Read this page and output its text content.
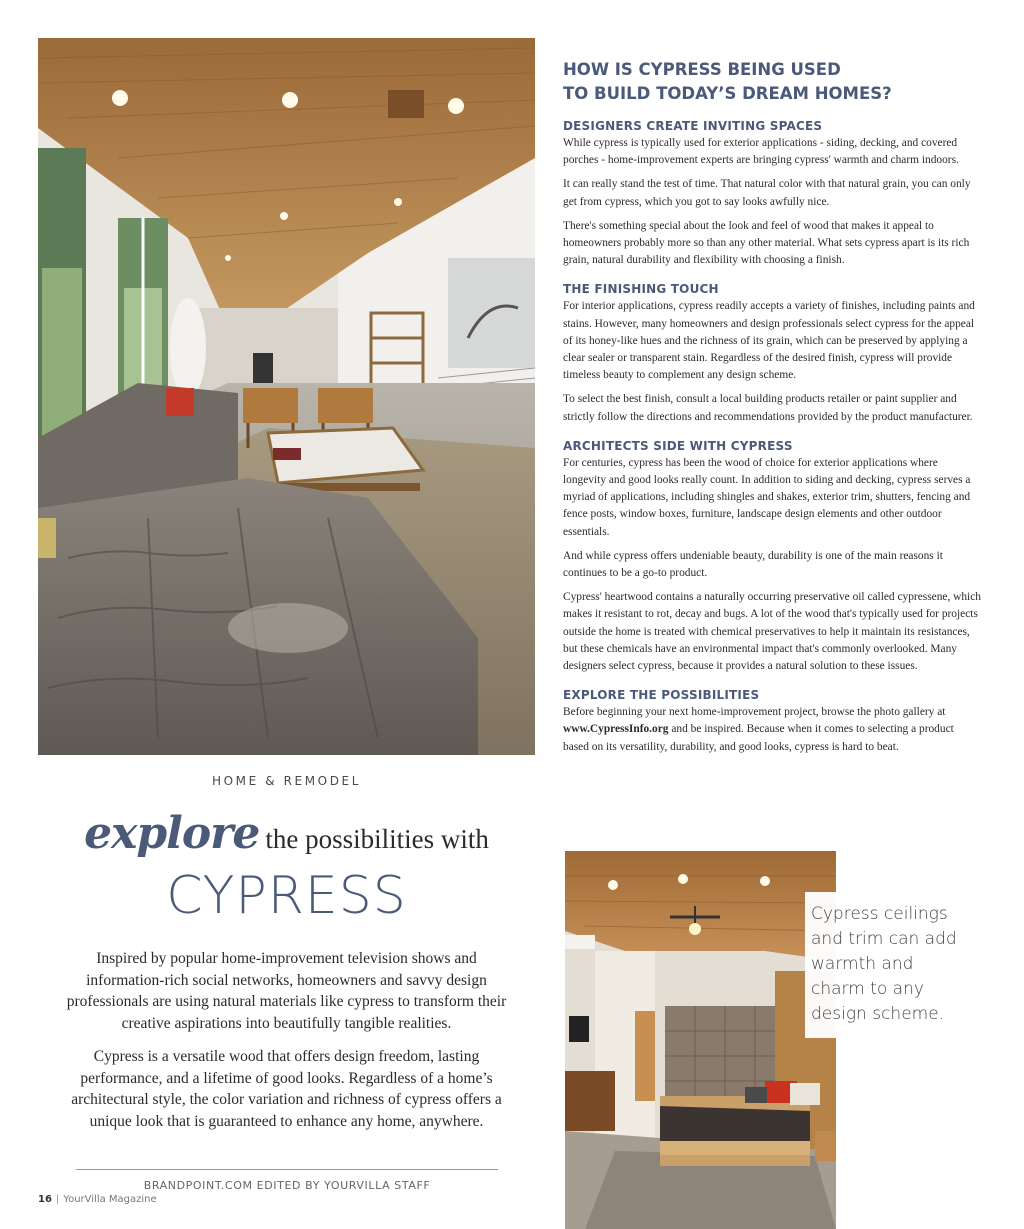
HOME & REMODEL
explore the possibilities with
CYPRESS

Inspired by popular home-improvement television shows and information-rich social networks, homeowners and savvy design professionals are using natural materials like cypress to transform their creative aspirations into beautifully tangible realities.

Cypress is a versatile wood that offers design freedom, lasting performance, and a lifetime of good looks. Regardless of a home’s architectural style, the color variation and richness of cypress offers a unique look that is guaranteed to enhance any home, anywhere.

BRANDPOINT.COM EDITED BY YOURVILLA STAFF
16 | YourVilla Magazine
HOW IS CYPRESS BEING USED
TO BUILD TODAY’S DREAM HOMES?
DESIGNERS CREATE INVITING SPACES

While cypress is typically used for exterior applications - siding, decking, and covered porches - home-improvement experts are bringing cypress' warmth and charm indoors.

It can really stand the test of time. That natural color with that natural grain, you can only get from cypress, which you got to say looks awfully nice.

There's something special about the look and feel of wood that makes it appeal to homeowners probably more so than any other material. What sets cypress apart is its rich grain, natural durability and flexibility with choosing a finish.

THE FINISHING TOUCH

For interior applications, cypress readily accepts a variety of finishes, including paints and stains. However, many homeowners and design professionals select cypress for the appeal of its honey-like hues and the richness of its grain, which can be preserved by applying a clear sealer or transparent stain. Regardless of the desired finish, cypress will provide timeless beauty to complement any design scheme.

To select the best finish, consult a local building products retailer or paint supplier and strictly follow the directions and recommendations provided by the product manufacturer.

ARCHITECTS SIDE WITH CYPRESS

For centuries, cypress has been the wood of choice for exterior applications where longevity and good looks really count. In addition to siding and decking, cypress serves a myriad of applications, including shingles and shakes, exterior trim, shutters, fencing and fence posts, window boxes, furniture, landscape design elements and other outdoor essentials.

And while cypress offers undeniable beauty, durability is one of the main reasons it continues to be a go-to product.

Cypress' heartwood contains a naturally occurring preservative oil called cypressene, which makes it resistant to rot, decay and bugs. A lot of the wood that's typically used for projects outside the home is treated with chemical preservatives to help it maintain its resistances, but these chemicals have an environmental impact that's commonly overlooked. Many designers select cypress, because it provides a natural solution to these issues.

EXPLORE THE POSSIBILITIES

Before beginning your next home-improvement project, browse the photo gallery at www.CypressInfo.org and be inspired. Because when it comes to selecting a product based on its versatility, durability, and good looks, cypress is hard to beat.

Cypress ceilings and trim can add warmth and charm to any design scheme.
